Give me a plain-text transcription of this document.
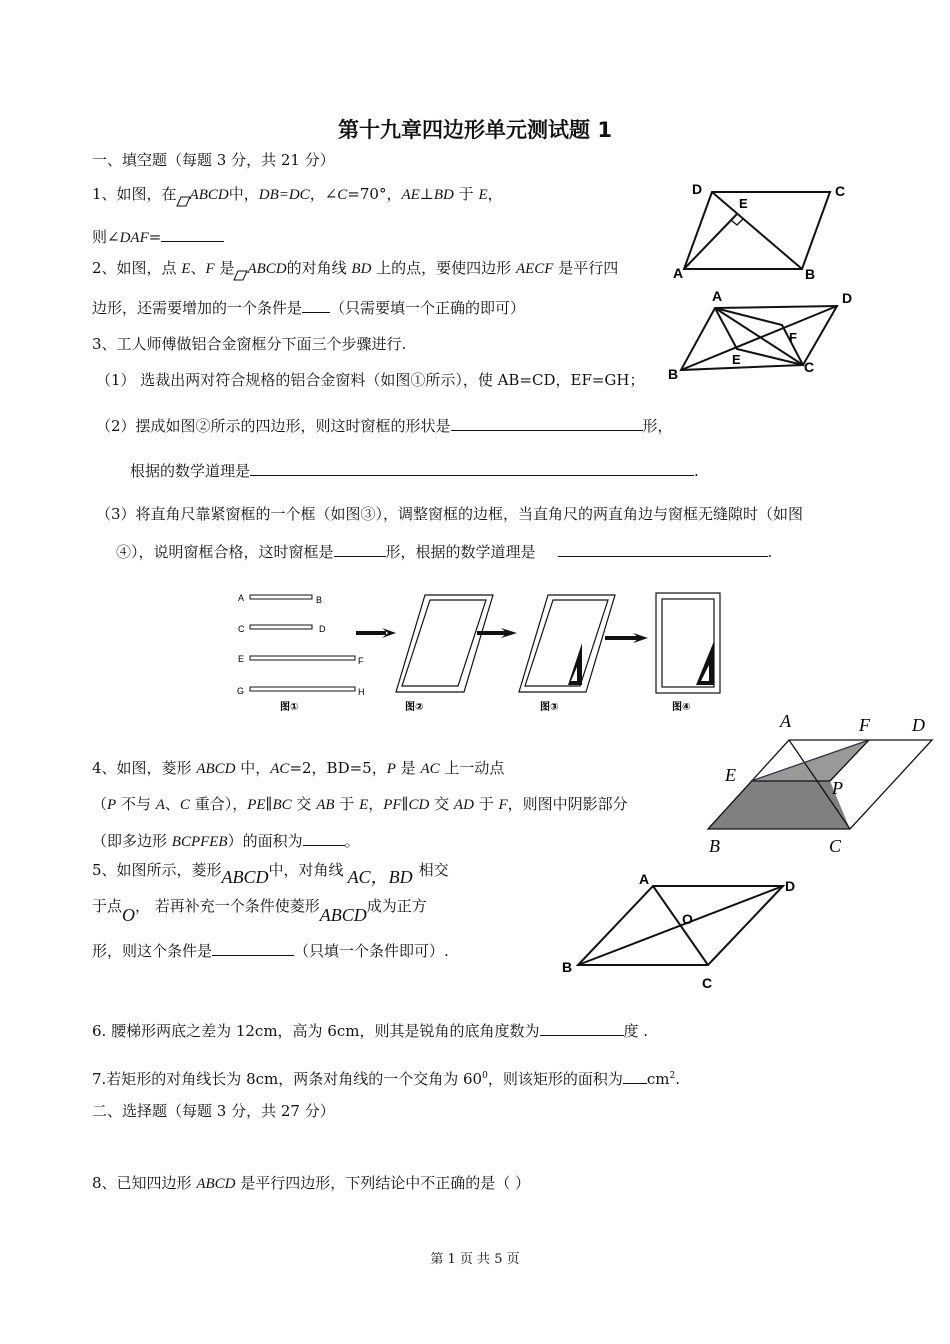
第十九章四边形单元测试题 1
一、填空题（每题 3 分，共 21 分）
1、如图，在 ABCD中，DB=DC，∠C=70°，AE⊥BD 于 E，
则∠DAF=
2、如图，点 E、F 是 ABCD的对角线 BD 上的点，要使四边形 AECF 是平行四
边形，还需要增加的一个条件是 （只需要填一个正确的即可）
3、工人师傅做铝合金窗框分下面三个步骤进行.
（1） 选裁出两对符合规格的铝合金窗料（如图①所示），使 AB=CD，EF=GH；
（2）摆成如图②所示的四边形，则这时窗框的形状是	形，
根据的数学道理是	.
（3）将直角尺靠紧窗框的一个框（如图③），调整窗框的边框，当直角尺的两直角边与窗框无缝隙时（如图
④），说明窗框合格，这时窗框是	形，根据的数学道理是	.
4、如图，菱形 ABCD 中，AC=2，BD=5，P 是 AC 上一动点
（P 不与 A、C 重合），PE∥BC 交 AB 于 E，PF∥CD 交 AD 于 F，则图中阴影部分
（即多边形 BCPFEB）的面积为	。
5、如图所示，菱形ABCD中，对角线 AC，BD 相交
于点O， 若再补充一个条件使菱形ABCD成为正方
形，则这个条件是	（只填一个条件即可）.
6. 腰梯形两底之差为 12cm，高为 6cm，则其是锐角的底角度数为	度 .
7.若矩形的对角线长为 8cm，两条对角线的一个交角为 $60^0$，则该矩形的面积为 $cm^2$.
二、选择题（每题 3 分，共 27 分）
8、已知四边形 ABCD 是平行四边形，下列结论中不正确的是（ ）
第 1 页 共 5 页
D	C
E
A	B
A	D
F
E
B	C
A	B
C	D
E	F
G	H
图①	图②	图③	图④
A	F D
E
P
B	C
A	D
O
B
C
